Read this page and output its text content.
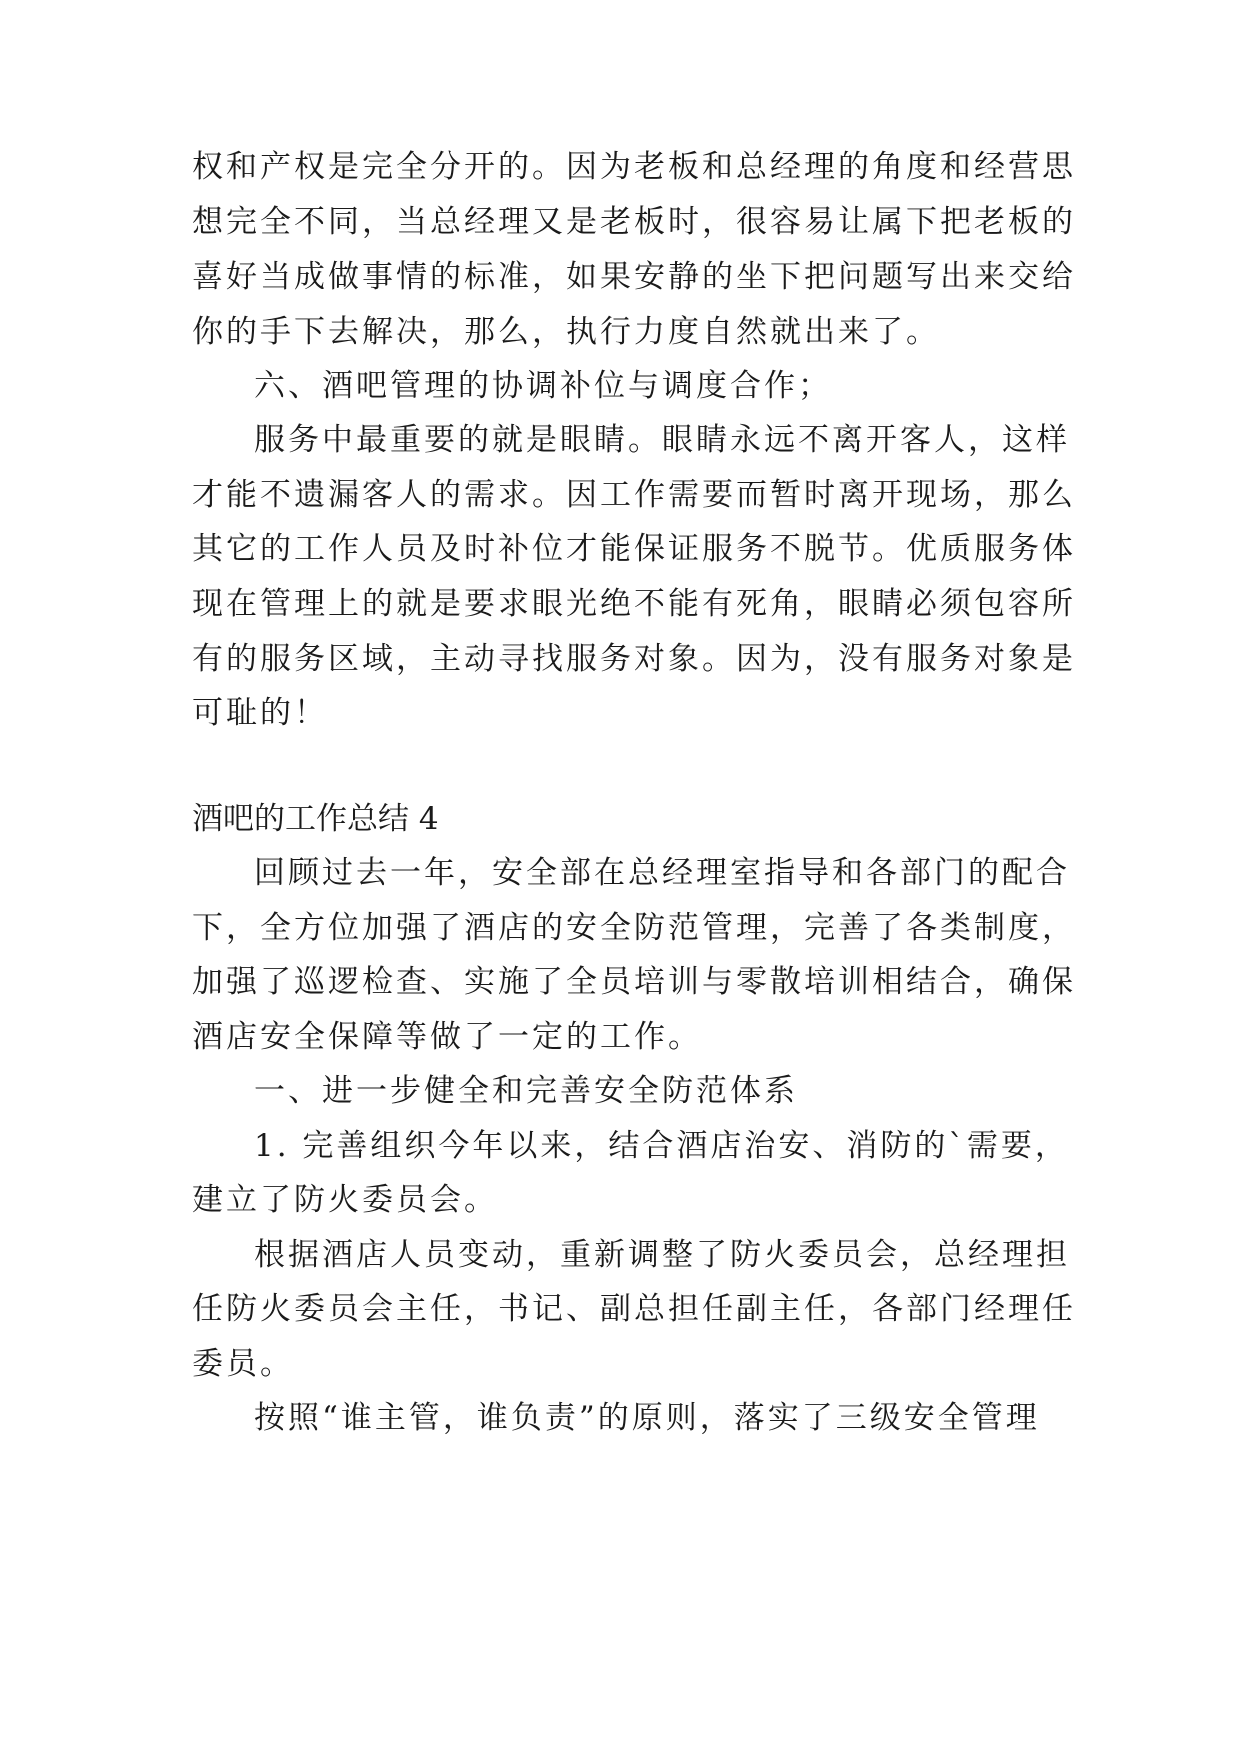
权和产权是完全分开的。因为老板和总经理的角度和经营思
想完全不同，当总经理又是老板时，很容易让属下把老板的
喜好当成做事情的标准，如果安静的坐下把问题写出来交给
你的手下去解决，那么，执行力度自然就出来了。
六、酒吧管理的协调补位与调度合作；
服务中最重要的就是眼睛。眼睛永远不离开客人，这样
才能不遗漏客人的需求。因工作需要而暂时离开现场，那么
其它的工作人员及时补位才能保证服务不脱节。优质服务体
现在管理上的就是要求眼光绝不能有死角，眼睛必须包容所
有的服务区域，主动寻找服务对象。因为，没有服务对象是
可耻的！
酒吧的工作总结 4
回顾过去一年，安全部在总经理室指导和各部门的配合
下，全方位加强了酒店的安全防范管理，完善了各类制度，
加强了巡逻检查、实施了全员培训与零散培训相结合，确保
酒店安全保障等做了一定的工作。
一、进一步健全和完善安全防范体系
1. 完善组织今年以来，结合酒店治安、消防的`需要，
建立了防火委员会。
根据酒店人员变动，重新调整了防火委员会，总经理担
任防火委员会主任，书记、副总担任副主任，各部门经理任
委员。
按照“谁主管，谁负责”的原则，落实了三级安全管理
